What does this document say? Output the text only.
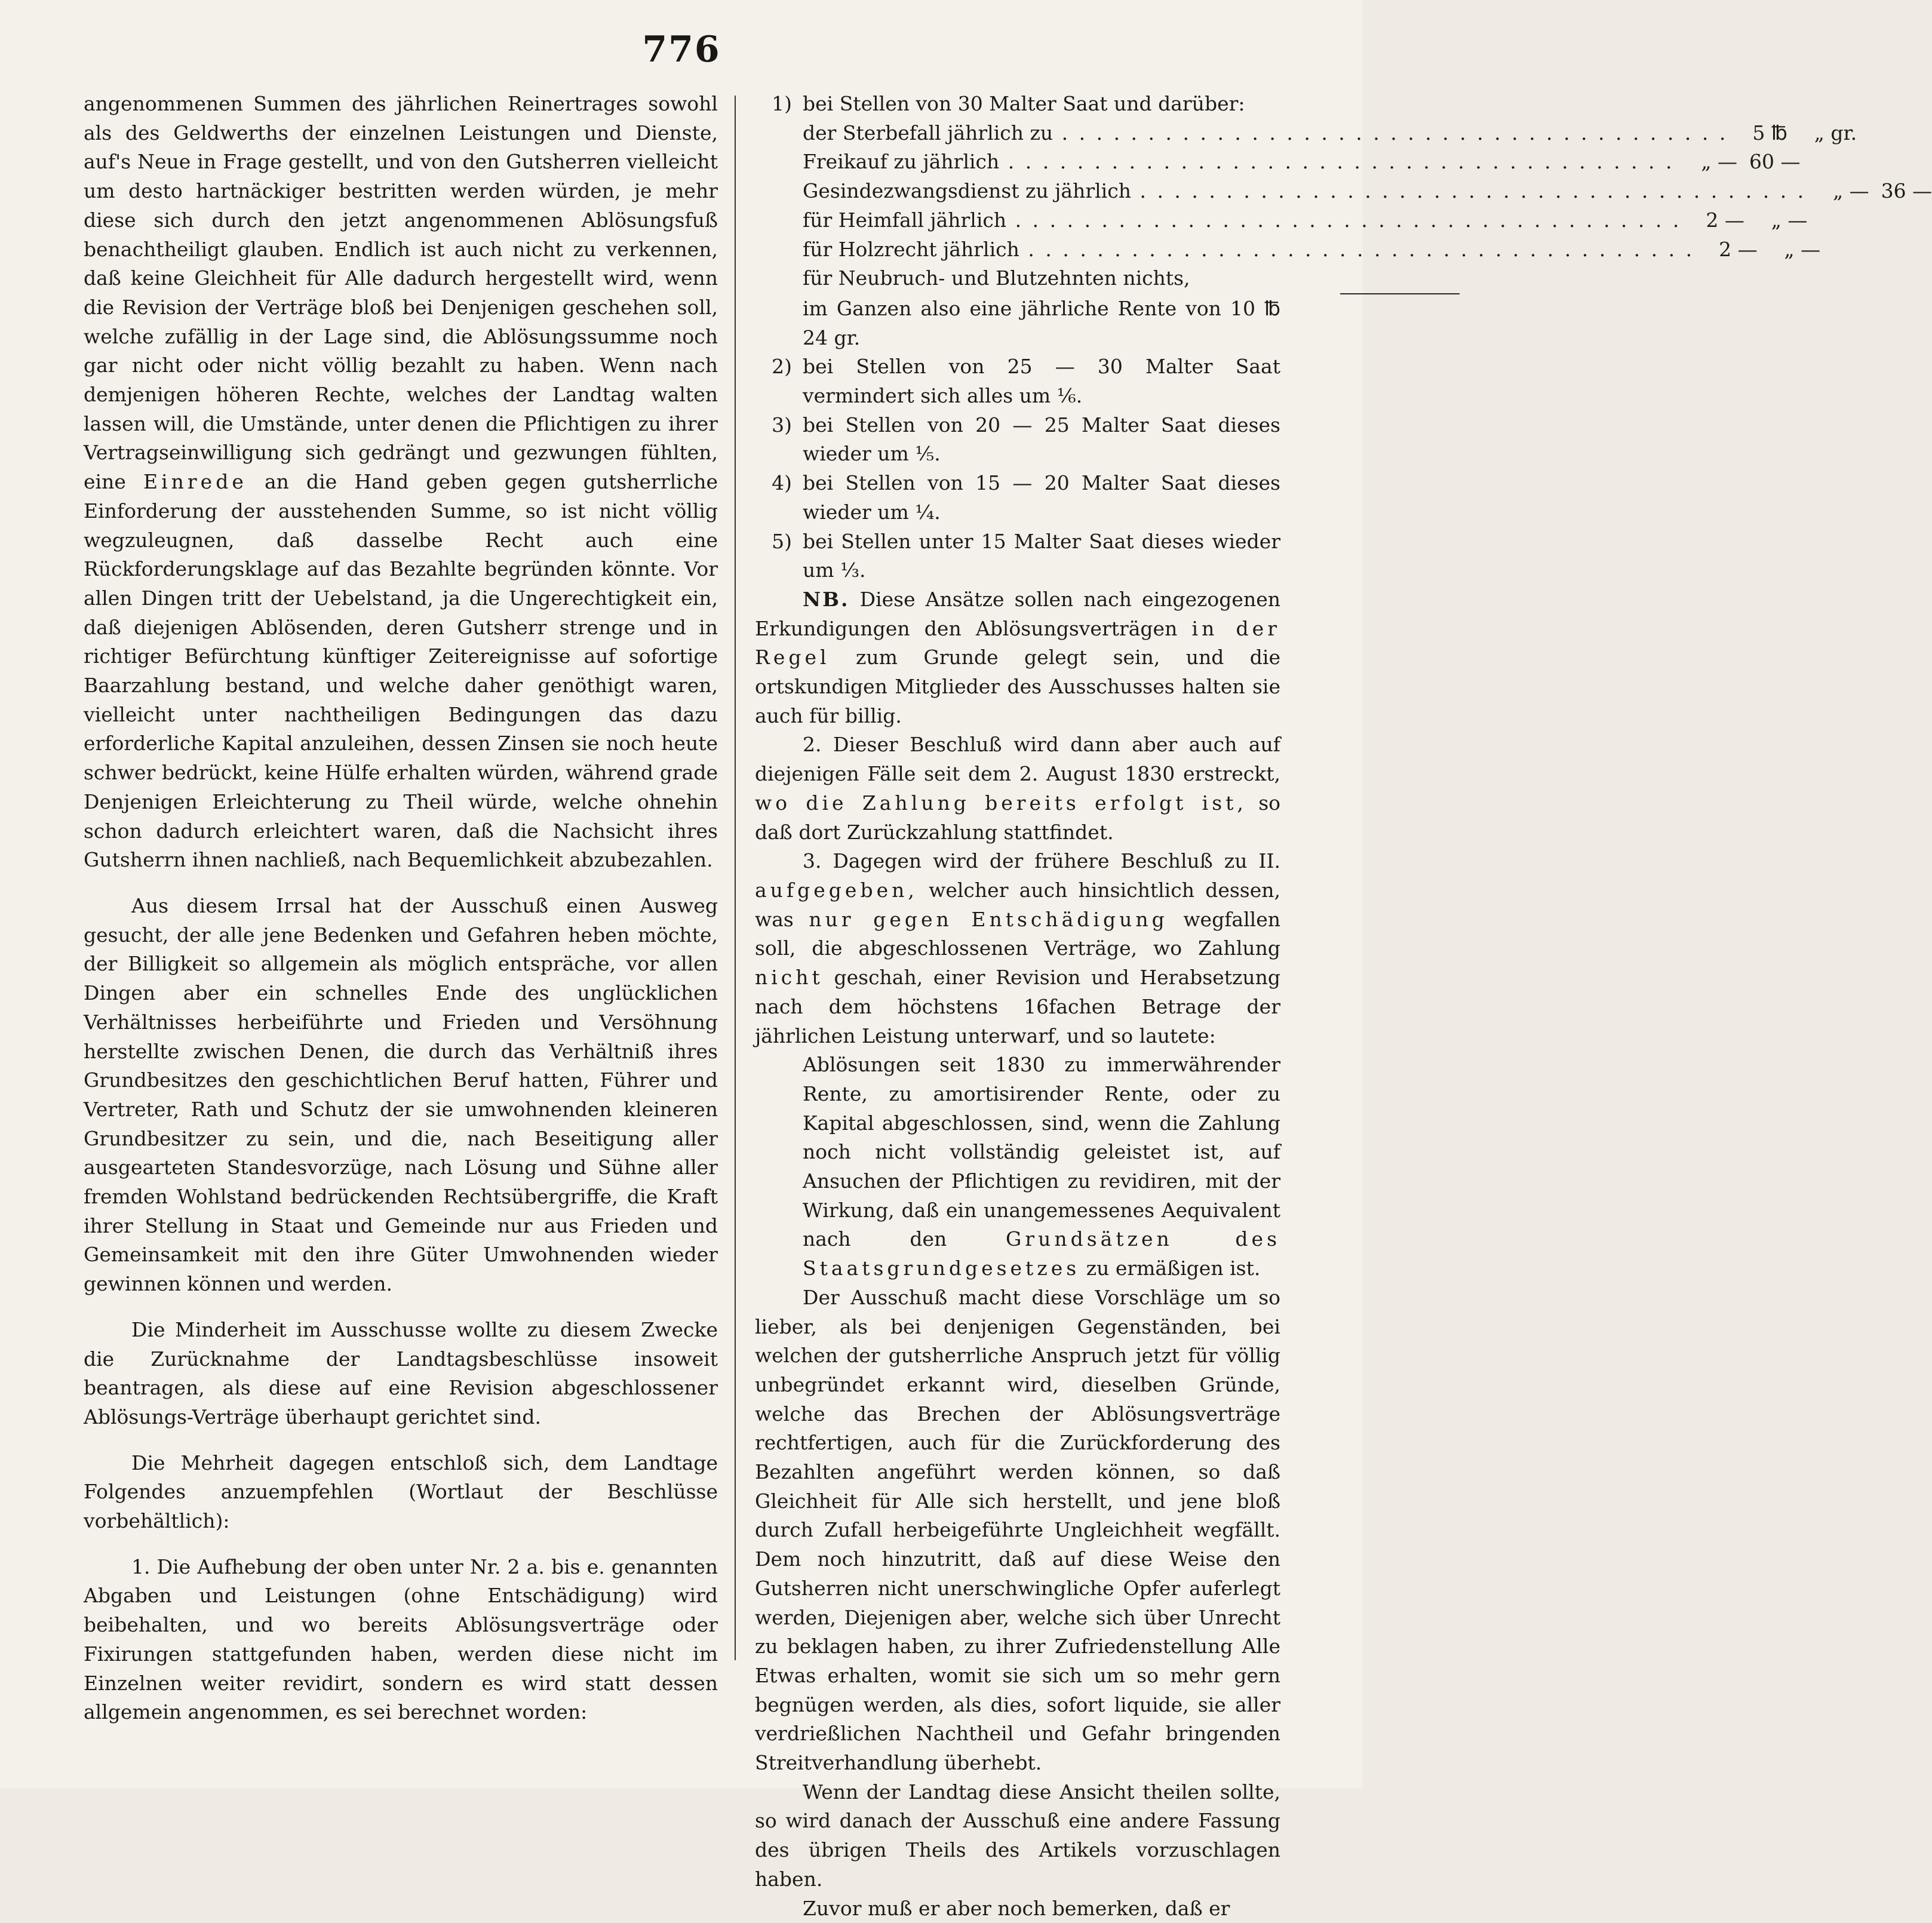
776

angenommenen Summen des jährlichen Reinertrages sowohl als des Geldwerths der einzelnen Leistungen und Dienste, auf's Neue in Frage gestellt, und von den Gutsherren vielleicht um desto hartnäckiger bestritten werden würden, je mehr diese sich durch den jetzt angenommenen Ablösungsfuß benachtheiligt glauben. Endlich ist auch nicht zu verkennen, daß keine Gleichheit für Alle dadurch hergestellt wird, wenn die Revision der Verträge bloß bei Denjenigen geschehen soll, welche zufällig in der Lage sind, die Ablösungssumme noch gar nicht oder nicht völlig bezahlt zu haben. Wenn nach demjenigen höheren Rechte, welches der Landtag walten lassen will, die Umstände, unter denen die Pflichtigen zu ihrer Vertragseinwilligung sich gedrängt und gezwungen fühlten, eine Einrede an die Hand geben gegen gutsherrliche Einforderung der ausstehenden Summe, so ist nicht völlig wegzuleugnen, daß dasselbe Recht auch eine Rückforderungsklage auf das Bezahlte begründen könnte. Vor allen Dingen tritt der Uebelstand, ja die Ungerechtigkeit ein, daß diejenigen Ablösenden, deren Gutsherr strenge und in richtiger Befürchtung künftiger Zeitereignisse auf sofortige Baarzahlung bestand, und welche daher genöthigt waren, vielleicht unter nachtheiligen Bedingungen das dazu erforderliche Kapital anzuleihen, dessen Zinsen sie noch heute schwer bedrückt, keine Hülfe erhalten würden, während grade Denjenigen Erleichterung zu Theil würde, welche ohnehin schon dadurch erleichtert waren, daß die Nachsicht ihres Gutsherrn ihnen nachließ, nach Bequemlichkeit abzubezahlen.

Aus diesem Irrsal hat der Ausschuß einen Ausweg gesucht, der alle jene Bedenken und Gefahren heben möchte, der Billigkeit so allgemein als möglich entspräche, vor allen Dingen aber ein schnelles Ende des unglücklichen Verhältnisses herbeiführte und Frieden und Versöhnung herstellte zwischen Denen, die durch das Verhältniß ihres Grundbesitzes den geschichtlichen Beruf hatten, Führer und Vertreter, Rath und Schutz der sie umwohnenden kleineren Grundbesitzer zu sein, und die, nach Beseitigung aller ausgearteten Standesvorzüge, nach Lösung und Sühne aller fremden Wohlstand bedrückenden Rechtsübergriffe, die Kraft ihrer Stellung in Staat und Gemeinde nur aus Frieden und Gemeinsamkeit mit den ihre Güter Umwohnenden wieder gewinnen können und werden.

Die Minderheit im Ausschusse wollte zu diesem Zwecke die Zurücknahme der Landtagsbeschlüsse insoweit beantragen, als diese auf eine Revision abgeschlossener Ablösungs-Verträge überhaupt gerichtet sind.

Die Mehrheit dagegen entschloß sich, dem Landtage Folgendes anzuempfehlen (Wortlaut der Beschlüsse vorbehältlich):

1. Die Aufhebung der oben unter Nr. 2 a. bis e. genannten Abgaben und Leistungen (ohne Entschädigung) wird beibehalten, und wo bereits Ablösungsverträge oder Fixirungen stattgefunden haben, werden diese nicht im Einzelnen weiter revidirt, sondern es wird statt dessen allgemein angenommen, es sei berechnet worden:

1) bei Stellen von 30 Malter Saat und darüber:
der Sterbefall jährlich zu . . .	5 ℔ „ gr.
Freikauf zu jährlich . . .	„ — 60 —
Gesindezwangsdienst zu jährlich . . .	„ — 36 —
für Heimfall jährlich . . .	2 — „ —
für Holzrecht jährlich . . .	2 — „ —
für Neubruch- und Blutzehnten nichts,
im Ganzen also eine jährliche Rente von 10 ℔ 24 gr.
2) bei Stellen von 25 — 30 Malter Saat vermindert sich alles um ⅙.
3) bei Stellen von 20 — 25 Malter Saat dieses wieder um ⅕.
4) bei Stellen von 15 — 20 Malter Saat dieses wieder um ¼.
5) bei Stellen unter 15 Malter Saat dieses wieder um ⅓.

NB. Diese Ansätze sollen nach eingezogenen Erkundigungen den Ablösungsverträgen in der Regel zum Grunde gelegt sein, und die ortskundigen Mitglieder des Ausschusses halten sie auch für billig.

2. Dieser Beschluß wird dann aber auch auf diejenigen Fälle seit dem 2. August 1830 erstreckt, wo die Zahlung bereits erfolgt ist, so daß dort Zurückzahlung stattfindet.

3. Dagegen wird der frühere Beschluß zu II. aufgegeben, welcher auch hinsichtlich dessen, was nur gegen Entschädigung wegfallen soll, die abgeschlossenen Verträge, wo Zahlung nicht geschah, einer Revision und Herabsetzung nach dem höchstens 16fachen Betrage der jährlichen Leistung unterwarf, und so lautete:

Ablösungen seit 1830 zu immerwährender Rente, zu amortisirender Rente, oder zu Kapital abgeschlossen, sind, wenn die Zahlung noch nicht vollständig geleistet ist, auf Ansuchen der Pflichtigen zu revidiren, mit der Wirkung, daß ein unangemessenes Aequivalent nach den	Grundsätzen des Staatsgrundgesetzes zu ermäßigen ist.

Der Ausschuß macht diese Vorschläge um so lieber, als bei denjenigen Gegenständen, bei welchen der gutsherrliche Anspruch jetzt für völlig unbegründet erkannt wird, dieselben Gründe, welche das Brechen der Ablösungsverträge rechtfertigen, auch für die Zurückforderung des Bezahlten angeführt werden können, so daß Gleichheit für Alle sich herstellt, und jene bloß durch Zufall herbeigeführte Ungleichheit wegfällt. Dem noch hinzutritt, daß auf diese Weise den Gutsherren nicht unerschwingliche Opfer auferlegt werden, Diejenigen aber, welche sich über Unrecht zu beklagen haben, zu ihrer Zufriedenstellung Alle Etwas erhalten, womit sie sich um so mehr gern begnügen werden, als dies, sofort liquide, sie aller verdrießlichen Nachtheil und Gefahr bringenden Streitverhandlung überhebt.

Wenn der Landtag diese Ansicht theilen sollte, so wird danach der Ausschuß eine andere Fassung des übrigen Theils des Artikels vorzuschlagen haben.

Zuvor muß er aber noch bemerken, daß er
